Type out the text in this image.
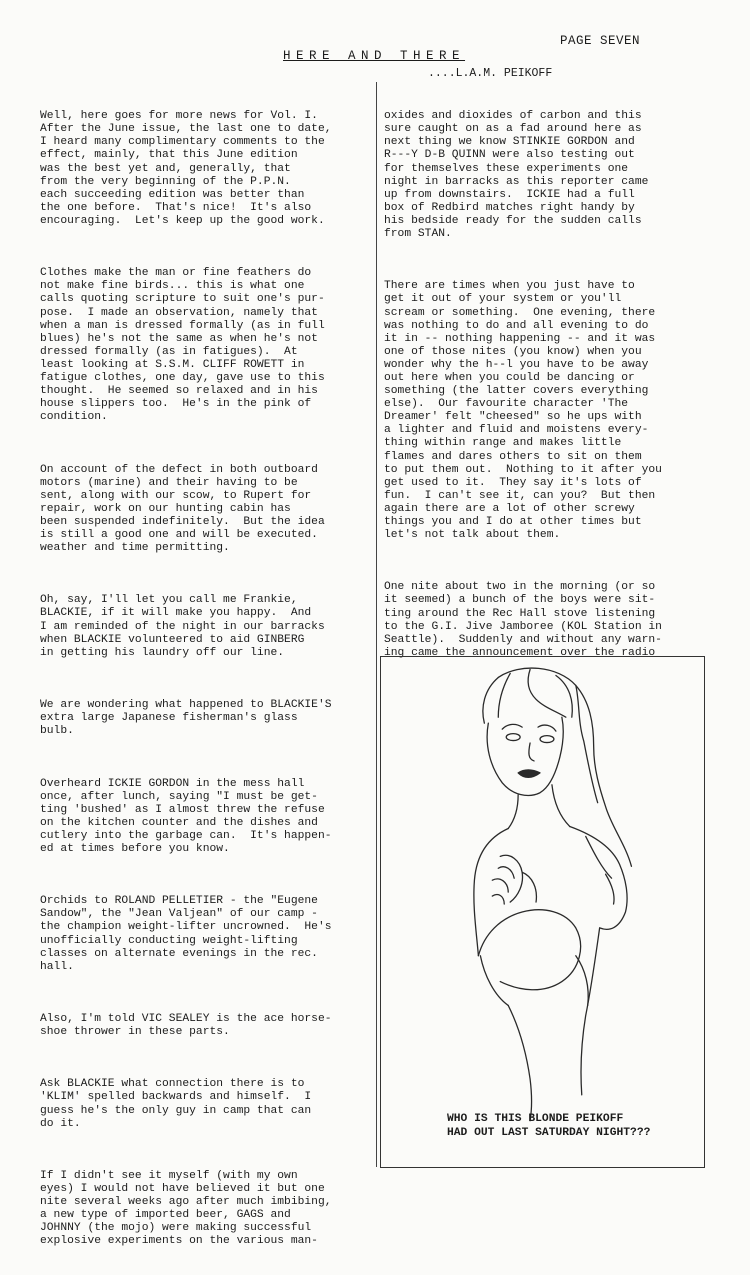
PAGE SEVEN
HERE AND THERE
....L.A.M. PEIKOFF

Well, here goes for more news for Vol. I.
After the June issue, the last one to date,
I heard many complimentary comments to the
effect, mainly, that this June edition
was the best yet and, generally, that
from the very beginning of the P.P.N.
each succeeding edition was better than
the one before.  That's nice!  It's also
encouraging.  Let's keep up the good work.

Clothes make the man or fine feathers do
not make fine birds... this is what one
calls quoting scripture to suit one's pur-
pose.  I made an observation, namely that
when a man is dressed formally (as in full
blues) he's not the same as when he's not
dressed formally (as in fatigues).  At
least looking at S.S.M. CLIFF ROWETT in
fatigue clothes, one day, gave use to this
thought.  He seemed so relaxed and in his
house slippers too.  He's in the pink of
condition.

On account of the defect in both outboard
motors (marine) and their having to be
sent, along with our scow, to Rupert for
repair, work on our hunting cabin has
been suspended indefinitely.  But the idea
is still a good one and will be executed.
weather and time permitting.

Oh, say, I'll let you call me Frankie,
BLACKIE, if it will make you happy.  And
I am reminded of the night in our barracks
when BLACKIE volunteered to aid GINBERG
in getting his laundry off our line.

We are wondering what happened to BLACKIE'S
extra large Japanese fisherman's glass
bulb.

Overheard ICKIE GORDON in the mess hall
once, after lunch, saying "I must be get-
ting 'bushed' as I almost threw the refuse
on the kitchen counter and the dishes and
cutlery into the garbage can.  It's happen-
ed at times before you know.

Orchids to ROLAND PELLETIER - the "Eugene
Sandow", the "Jean Valjean" of our camp -
the champion weight-lifter uncrowned.  He's
unofficially conducting weight-lifting
classes on alternate evenings in the rec.
hall.

Also, I'm told VIC SEALEY is the ace horse-
shoe thrower in these parts.

Ask BLACKIE what connection there is to
'KLIM' spelled backwards and himself.  I
guess he's the only guy in camp that can
do it.

If I didn't see it myself (with my own
eyes) I would not have believed it but one
nite several weeks ago after much imbibing,
a new type of imported beer, GAGS and
JOHNNY (the mojo) were making successful
explosive experiments on the various man-

oxides and dioxides of carbon and this
sure caught on as a fad around here as
next thing we know STINKIE GORDON and
R---Y D-B QUINN were also testing out
for themselves these experiments one
night in barracks as this reporter came
up from downstairs.  ICKIE had a full
box of Redbird matches right handy by
his bedside ready for the sudden calls
from STAN.

There are times when you just have to
get it out of your system or you'll
scream or something.  One evening, there
was nothing to do and all evening to do
it in -- nothing happening -- and it was
one of those nites (you know) when you
wonder why the h--l you have to be away
out here when you could be dancing or
something (the latter covers everything
else).  Our favourite character 'The
Dreamer' felt "cheesed" so he ups with
a lighter and fluid and moistens every-
thing within range and makes little
flames and dares others to sit on them
to put them out.  Nothing to it after you
get used to it.  They say it's lots of
fun.  I can't see it, can you?  But then
again there are a lot of other screwy
things you and I do at other times but
let's not talk about them.

One nite about two in the morning (or so
it seemed) a bunch of the boys were sit-
ting around the Rec Hall stove listening
to the G.I. Jive Jamboree (KOL Station in
Seattle).  Suddenly and without any warn-
ing came the announcement over the radio

WHO IS THIS BLONDE PEIKOFF
HAD OUT LAST SATURDAY NIGHT???
